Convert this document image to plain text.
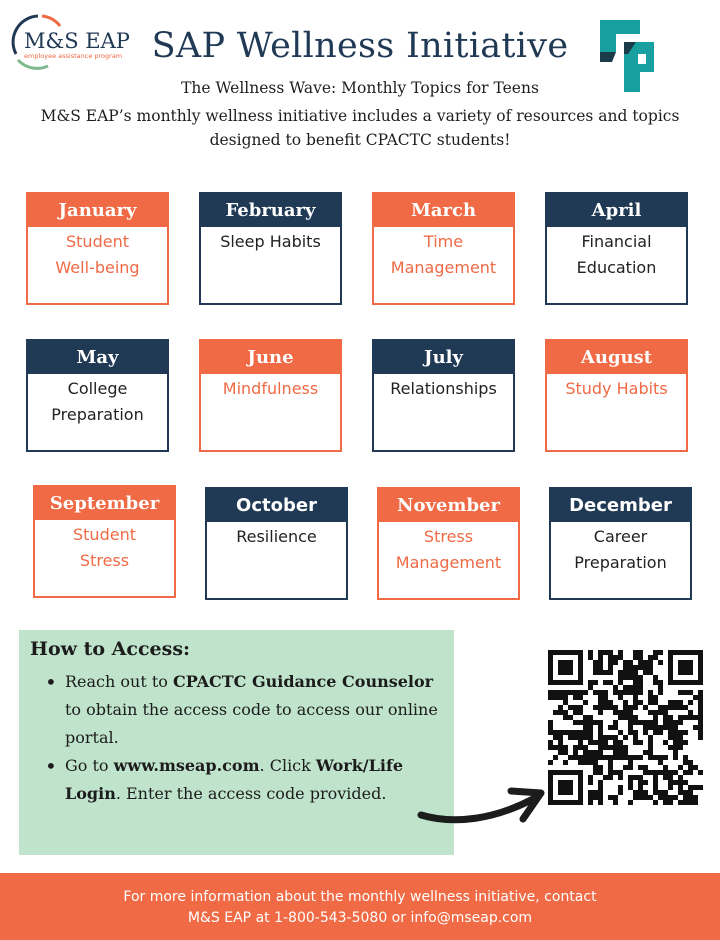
M&S EAP
employee assistance program SAP Wellness Initiative
The Wellness Wave: Monthly Topics for Teens
M&S EAP’s monthly wellness initiative includes a variety of resources and topics
designed to benefit CPACTC students!
January
Student
Well-being
February
Sleep Habits
March
Time
Management
April
Financial
Education
May
College
Preparation
June
Mindfulness
July
Relationships
August
Study Habits
September
Student
Stress
October
Resilience
November
Stress
Management
December
Career
Preparation
How to Access:
• Reach out to CPACTC Guidance Counselor to obtain the access code to access our online portal.
• Go to www.mseap.com. Click Work/Life Login. Enter the access code provided.
For more information about the monthly wellness initiative, contact
M&S EAP at 1-800-543-5080 or info@mseap.com
